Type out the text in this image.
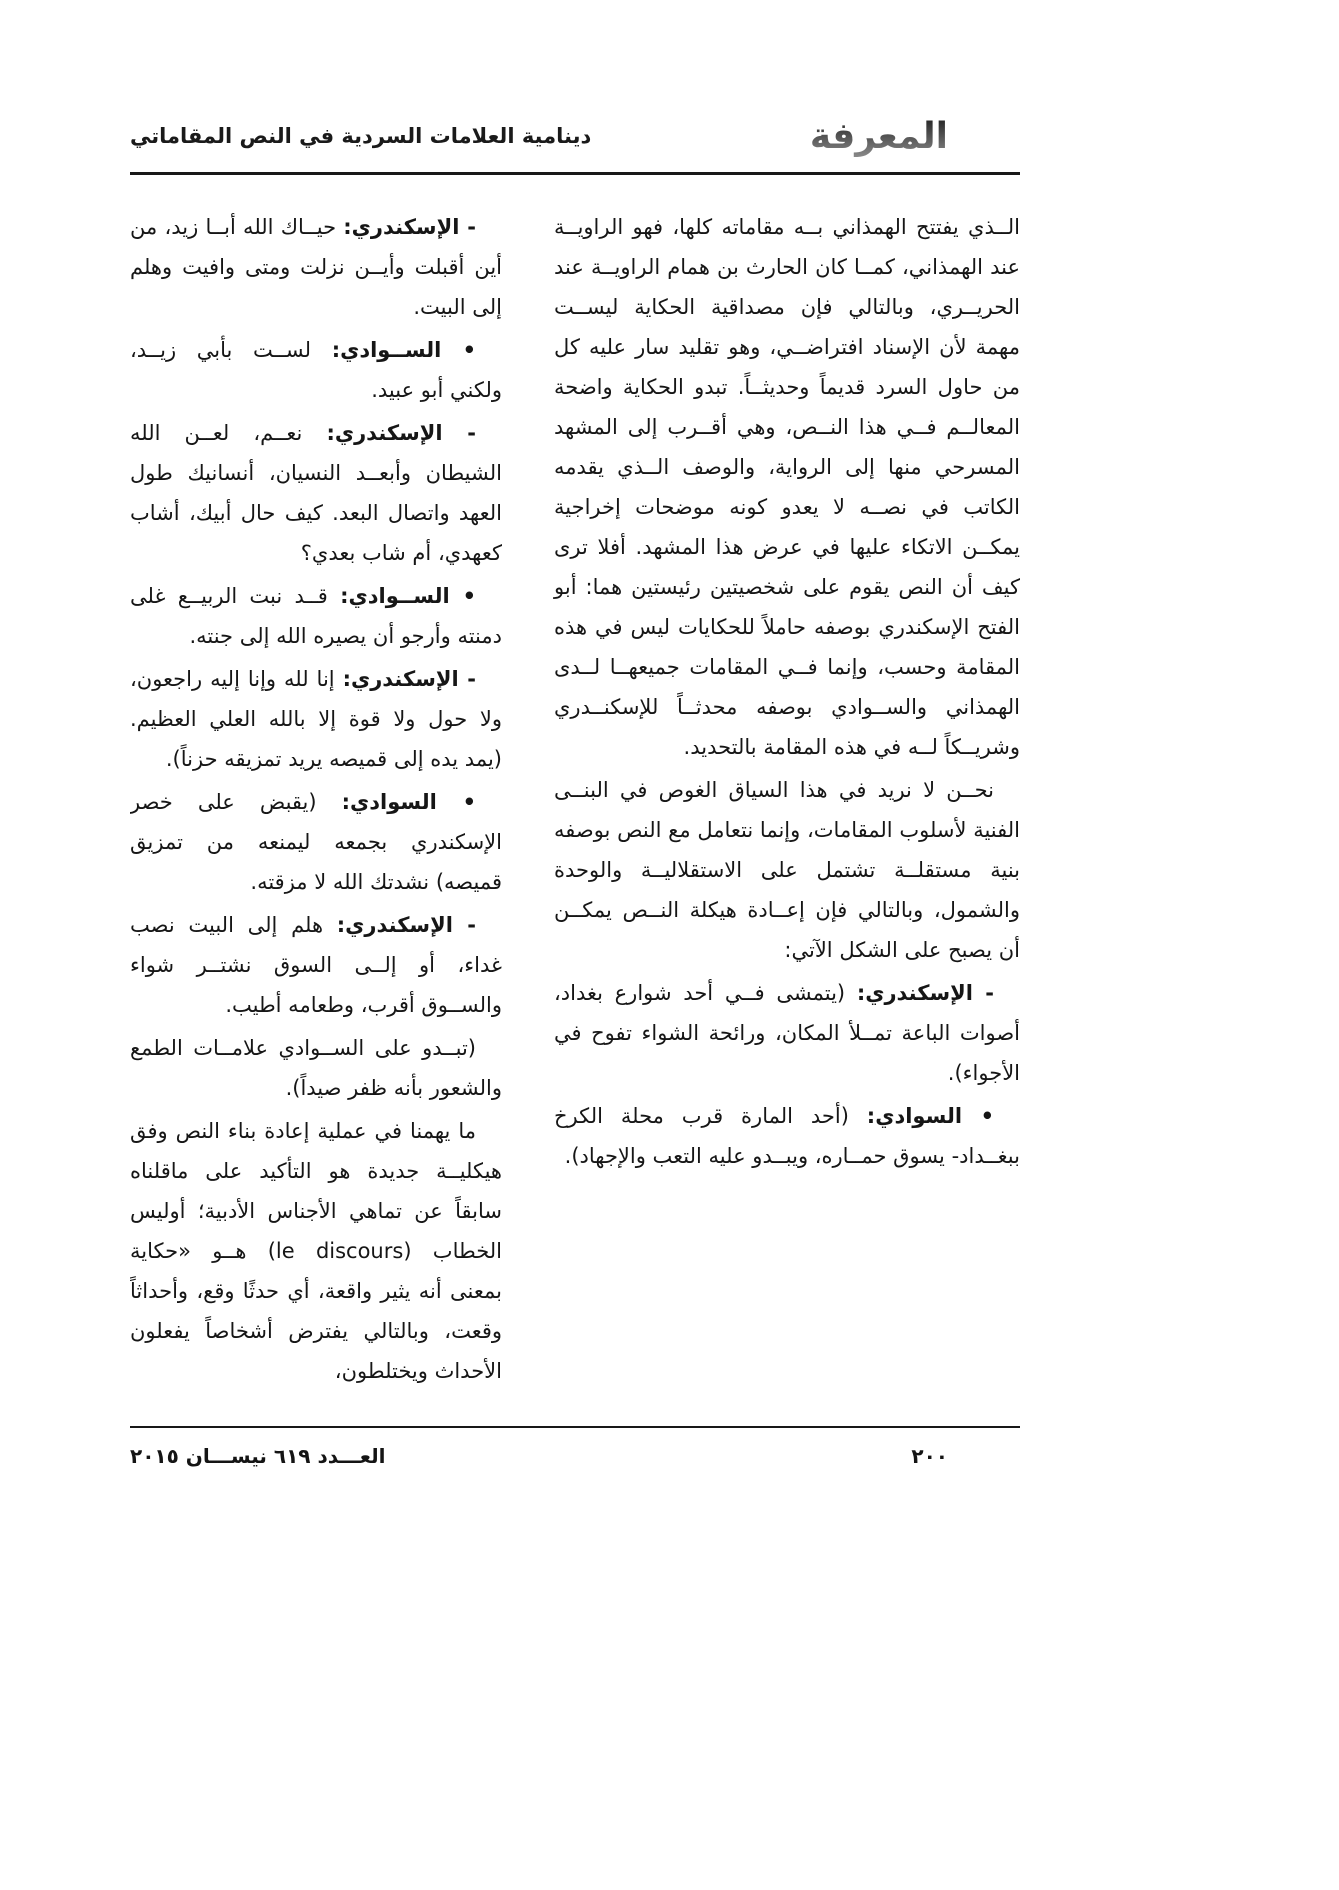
المعرفة
دينامية العلامات السردية في النص المقاماتي

الــذي يفتتح الهمذاني بــه مقاماته كلها، فهو الراويــة عند الهمذاني، كمــا كان الحارث بن همام الراويــة عند الحريــري، وبالتالي فإن مصداقية الحكاية ليســت مهمة لأن الإسناد افتراضــي، وهو تقليد سار عليه كل من حاول السرد قديماً وحديثــاً. تبدو الحكاية واضحة المعالــم فــي هذا النــص، وهي أقــرب إلى المشهد المسرحي منها إلى الرواية، والوصف الــذي يقدمه الكاتب في نصــه لا يعدو كونه موضحات إخراجية يمكــن الاتكاء عليها في عرض هذا المشهد. أفلا ترى كيف أن النص يقوم على شخصيتين رئيستين هما: أبو الفتح الإسكندري بوصفه حاملاً للحكايات ليس في هذه المقامة وحسب، وإنما فــي المقامات جميعهــا لــدى الهمذاني والســوادي بوصفه محدثــاً للإسكنــدري وشريــكاً لــه في هذه المقامة بالتحديد.

نحــن لا نريد في هذا السياق الغوص في البنــى الفنية لأسلوب المقامات، وإنما نتعامل مع النص بوصفه بنية مستقلــة تشتمل على الاستقلاليــة والوحدة والشمول، وبالتالي فإن إعــادة هيكلة النــص يمكــن أن يصبح على الشكل الآتي:

- الإسكندري: (يتمشى فــي أحد شوارع بغداد، أصوات الباعة تمــلأ المكان، ورائحة الشواء تفوح في الأجواء).

• السوادي: (أحد المارة قرب محلة الكرخ ببغــداد- يسوق حمــاره، ويبــدو عليه التعب والإجهاد).

- الإسكندري: حيــاك الله أبــا زيد، من أين أقبلت وأيــن نزلت ومتى وافيت وهلم إلى البيت.

• الســوادي: لســت بأبي زيــد، ولكني أبو عبيد.

- الإسكندري: نعــم، لعــن الله الشيطان وأبعــد النسيان، أنسانيك طول العهد واتصال البعد. كيف حال أبيك، أشاب كعهدي، أم شاب بعدي؟

• الســوادي: قــد نبت الربيــع غلى دمنته وأرجو أن يصيره الله إلى جنته.

- الإسكندري: إنا لله وإنا إليه راجعون، ولا حول ولا قوة إلا بالله العلي العظيم. (يمد يده إلى قميصه يريد تمزيقه حزناً).

• السوادي: (يقبض على خصر الإسكندري بجمعه ليمنعه من تمزيق قميصه) نشدتك الله لا مزقته.

- الإسكندري: هلم إلى البيت نصب غداء، أو إلــى السوق نشتــر شواء والســوق أقرب، وطعامه أطيب.

(تبــدو على الســوادي علامــات الطمع والشعور بأنه ظفر صيداً).

ما يهمنا في عملية إعادة بناء النص وفق هيكليــة جديدة هو التأكيد على ماقلناه سابقاً عن تماهي الأجناس الأدبية؛ أوليس الخطاب (le discours) هــو «حكاية بمعنى أنه يثير واقعة، أي حدثًا وقع، وأحداثاً وقعت، وبالتالي يفترض أشخاصاً يفعلون الأحداث ويختلطون،

٢٠٠
العـــدد ٦١٩ نيســـان ٢٠١٥
